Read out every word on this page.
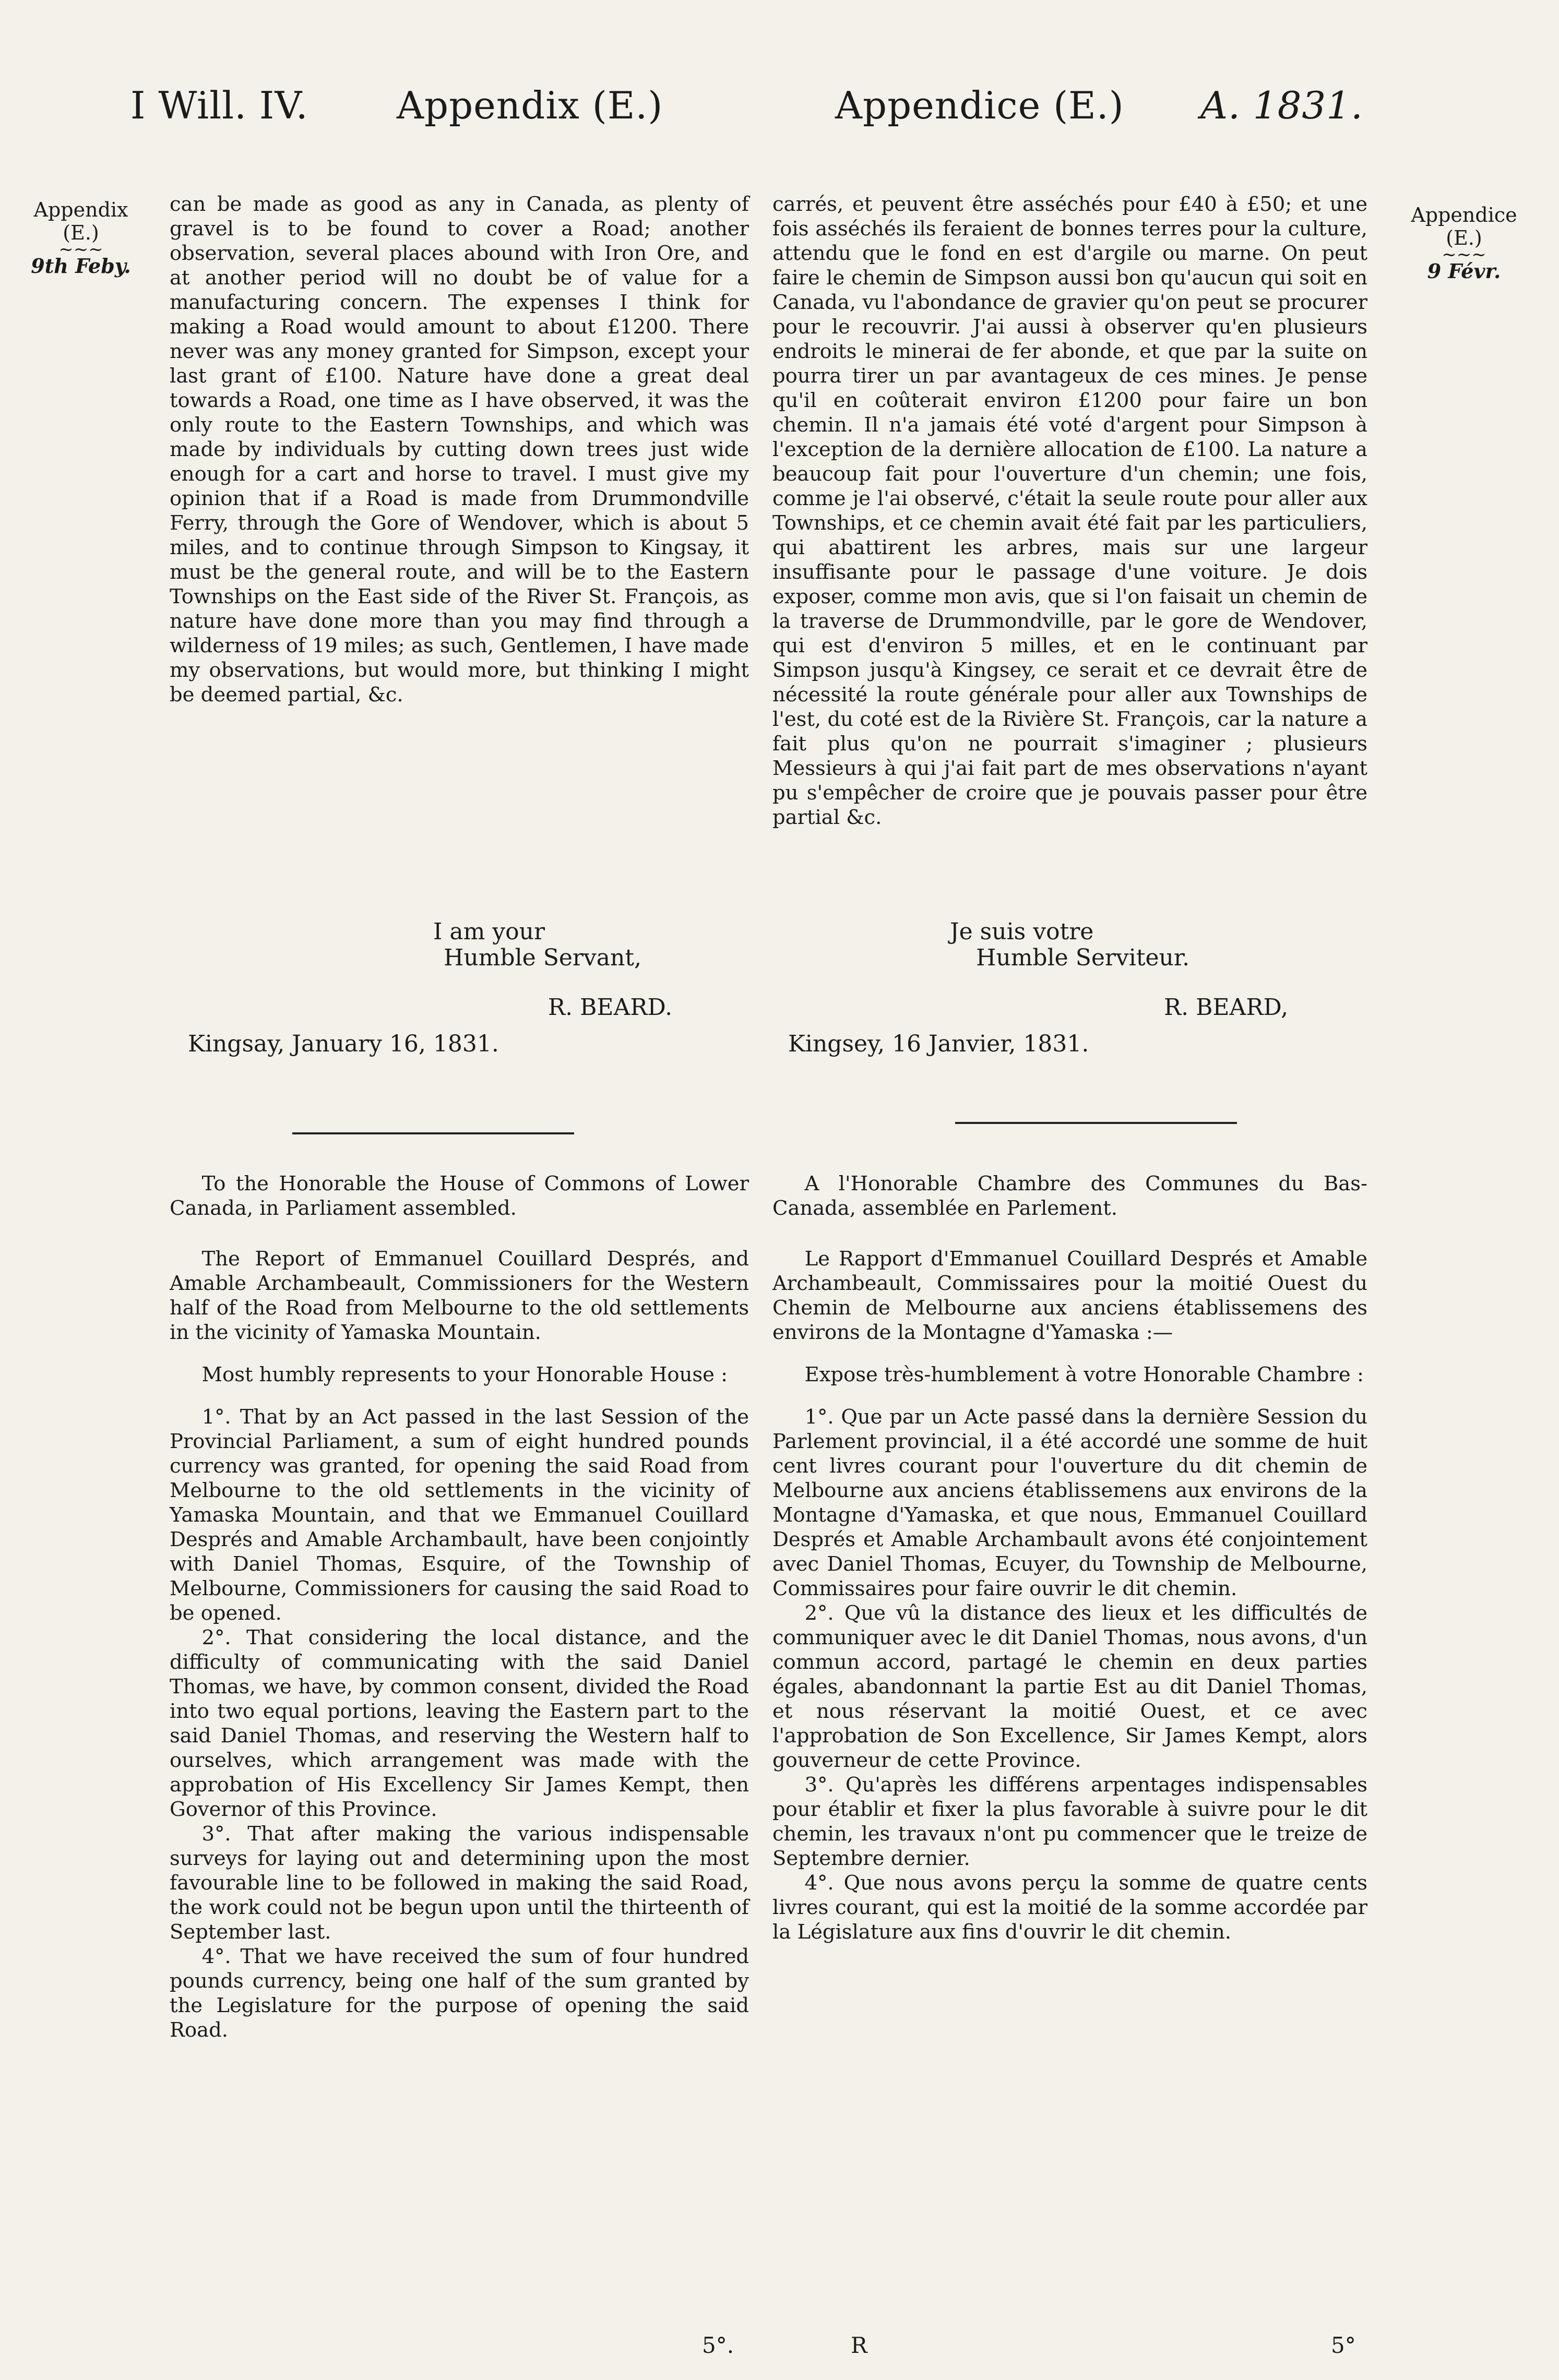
I Will. IV. Appendix (E.)	Appendice (E.) A. 1831.
Appendix
(E.)
~~~
9th Feby.
Appendice
(E.)
~~~
9 Févr.

can be made as good as any in Canada, as plenty of gravel is to be found to cover a Road; another observation, several places abound with Iron Ore, and at another period will no doubt be of value for a manufacturing concern. The expenses I think for making a Road would amount to about £1200. There never was any money granted for Simpson, except your last grant of £100. Nature have done a great deal towards a Road, one time as I have observed, it was the only route to the Eastern Townships, and which was made by individuals by cutting down trees just wide enough for a cart and horse to travel. I must give my opinion that if a Road is made from Drummondville Ferry, through the Gore of Wendover, which is about 5 miles, and to continue through Simpson to Kingsay, it must be the general route, and will be to the Eastern Townships on the East side of the River St. François, as nature have done more than you may find through a wilderness of 19 miles; as such, Gentlemen, I have made my observations, but would more, but thinking I might be deemed partial, &c.

carrés, et peuvent être asséchés pour £40 à £50; et une fois asséchés ils feraient de bonnes terres pour la culture, attendu que le fond en est d'argile ou marne. On peut faire le chemin de Simpson aussi bon qu'aucun qui soit en Canada, vu l'abondance de gravier qu'on peut se procurer pour le recouvrir. J'ai aussi à observer qu'en plusieurs endroits le minerai de fer abonde, et que par la suite on pourra tirer un par avantageux de ces mines. Je pense qu'il en coûterait environ £1200 pour faire un bon chemin. Il n'a jamais été voté d'argent pour Simpson à l'exception de la dernière allocation de £100. La nature a beaucoup fait pour l'ouverture d'un chemin; une fois, comme je l'ai observé, c'était la seule route pour aller aux Townships, et ce chemin avait été fait par les particuliers, qui abattirent les arbres, mais sur une largeur insuffisante pour le passage d'une voiture. Je dois exposer, comme mon avis, que si l'on faisait un chemin de la traverse de Drummondville, par le gore de Wendover, qui est d'environ 5 milles, et en le continuant par Simpson jusqu'à Kingsey, ce serait et ce devrait être de nécessité la route générale pour aller aux Townships de l'est, du coté est de la Rivière St. François, car la nature a fait plus qu'on ne pourrait s'imaginer ; plusieurs Messieurs à qui j'ai fait part de mes observations n'ayant pu s'empêcher de croire que je pouvais passer pour être partial &c.

I am your
Humble Servant,
R. BEARD.
Kingsay, January 16, 1831.
Je suis votre
Humble Serviteur.
R. BEARD,
Kingsey, 16 Janvier, 1831.

To the Honorable the House of Commons of Lower Canada, in Parliament assembled.

The Report of Emmanuel Couillard Després, and Amable Archambeault, Commissioners for the Western half of the Road from Melbourne to the old settlements in the vicinity of Yamaska Mountain.

Most humbly represents to your Honorable House :

1°. That by an Act passed in the last Session of the Provincial Parliament, a sum of eight hundred pounds currency was granted, for opening the said Road from Melbourne to the old settlements in the vicinity of Yamaska Mountain, and that we Emmanuel Couillard Després and Amable Archambault, have been conjointly with Daniel Thomas, Esquire, of the Township of Melbourne, Commissioners for causing the said Road to be opened.

2°. That considering the local distance, and the difficulty of communicating with the said Daniel Thomas, we have, by common consent, divided the Road into two equal portions, leaving the Eastern part to the said Daniel Thomas, and reserving the Western half to ourselves, which arrangement was made with the approbation of His Excellency Sir James Kempt, then Governor of this Province.

3°. That after making the various indispensable surveys for laying out and determining upon the most favourable line to be followed in making the said Road, the work could not be begun upon until the thirteenth of September last.

4°. That we have received the sum of four hundred pounds currency, being one half of the sum granted by the Legislature for the purpose of opening the said Road.

A l'Honorable Chambre des Communes du Bas-Canada, assemblée en Parlement.

Le Rapport d'Emmanuel Couillard Després et Amable Archambeault, Commissaires pour la moitié Ouest du Chemin de Melbourne aux anciens établissemens des environs de la Montagne d'Yamaska :—

Expose très-humblement à votre Honorable Chambre :

1°. Que par un Acte passé dans la dernière Session du Parlement provincial, il a été accordé une somme de huit cent livres courant pour l'ouverture du dit chemin de Melbourne aux anciens établissemens aux environs de la Montagne d'Yamaska, et que nous, Emmanuel Couillard Després et Amable Archambault avons été conjointement avec Daniel Thomas, Ecuyer, du Township de Melbourne, Commissaires pour faire ouvrir le dit chemin.

2°. Que vû la distance des lieux et les difficultés de communiquer avec le dit Daniel Thomas, nous avons, d'un commun accord, partagé le chemin en deux parties égales, abandonnant la partie Est au dit Daniel Thomas, et nous réservant la moitié Ouest, et ce avec l'approbation de Son Excellence, Sir James Kempt, alors gouverneur de cette Province.

3°. Qu'après les différens arpentages indispensables pour établir et fixer la plus favorable à suivre pour le dit chemin, les travaux n'ont pu commencer que le treize de Septembre dernier.

4°. Que nous avons perçu la somme de quatre cents livres courant, qui est la moitié de la somme accordée par la Législature aux fins d'ouvrir le dit chemin.

5°.	R	5°
